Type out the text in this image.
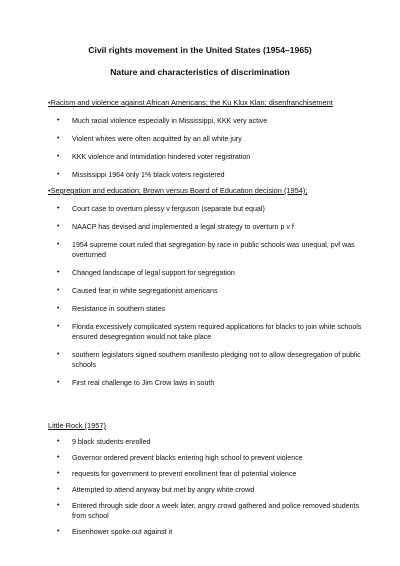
Civil rights movement in the United States (1954–1965)
Nature and characteristics of discrimination
•Racism and violence against African Americans; the Ku Klux Klan; disenfranchisement
• Much racial violence especially in Mississippi, KKK very active
• Violent whites were often acquitted by an all white jury
• KKK violence and intimidation hindered voter registration
• Mississippi 1964 only 1% black voters registered
•Segregation and education; Brown versus Board of Education decision (1954);
• Court case to overturn plessy v ferguson (separate but equal)
• NAACP has devised and implemented a legal strategy to overturn p v f
• 1954 supreme court ruled that segregation by race in public schools was unequal, pvf was overturned
• Changed landscape of legal support for segregation
• Caused fear in white segregationist americans
• Resistance in southern states
• Florida excessively complicated system required applications for blacks to join white schools ensured desegregation would not take place
• southern legislators signed southern manifesto pledging not to allow desegregation of public schools
• First real challenge to Jim Crow laws in south
Little Rock (1957)
• 9 black students enrolled
• Governor ordered prevent blacks entering high school to prevent violence
• requests for government to prevent enrollment fear of potential violence
• Attempted to attend anyway but met by angry white crowd
• Entered through side door a week later, angry crowd gathered and police removed students from school
• Eisenhower spoke out against it
